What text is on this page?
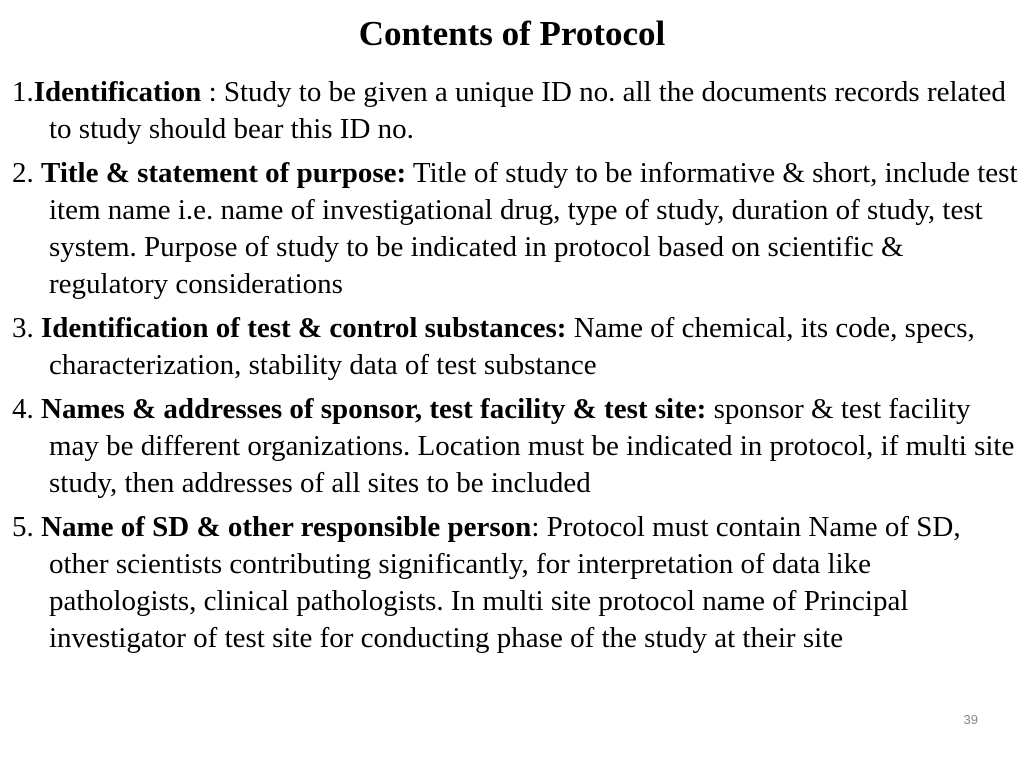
Contents of Protocol
1.Identification : Study to be given a unique ID no. all the documents records related to study should bear this ID no.
2. Title & statement of purpose: Title of study to be informative & short, include test item name i.e. name of investigational drug, type of study, duration of study, test system. Purpose of study to be indicated in protocol based on scientific & regulatory considerations
3. Identification of test & control substances: Name of chemical, its code, specs, characterization, stability data of test substance
4. Names & addresses of sponsor, test facility & test site: sponsor & test facility may be different organizations. Location must be indicated in protocol, if multi site study, then addresses of all sites to be included
5. Name of SD & other responsible person: Protocol must contain Name of SD, other scientists contributing significantly, for interpretation of data like pathologists, clinical pathologists. In multi site protocol name of Principal investigator of test site for conducting phase of the study at their site
39
